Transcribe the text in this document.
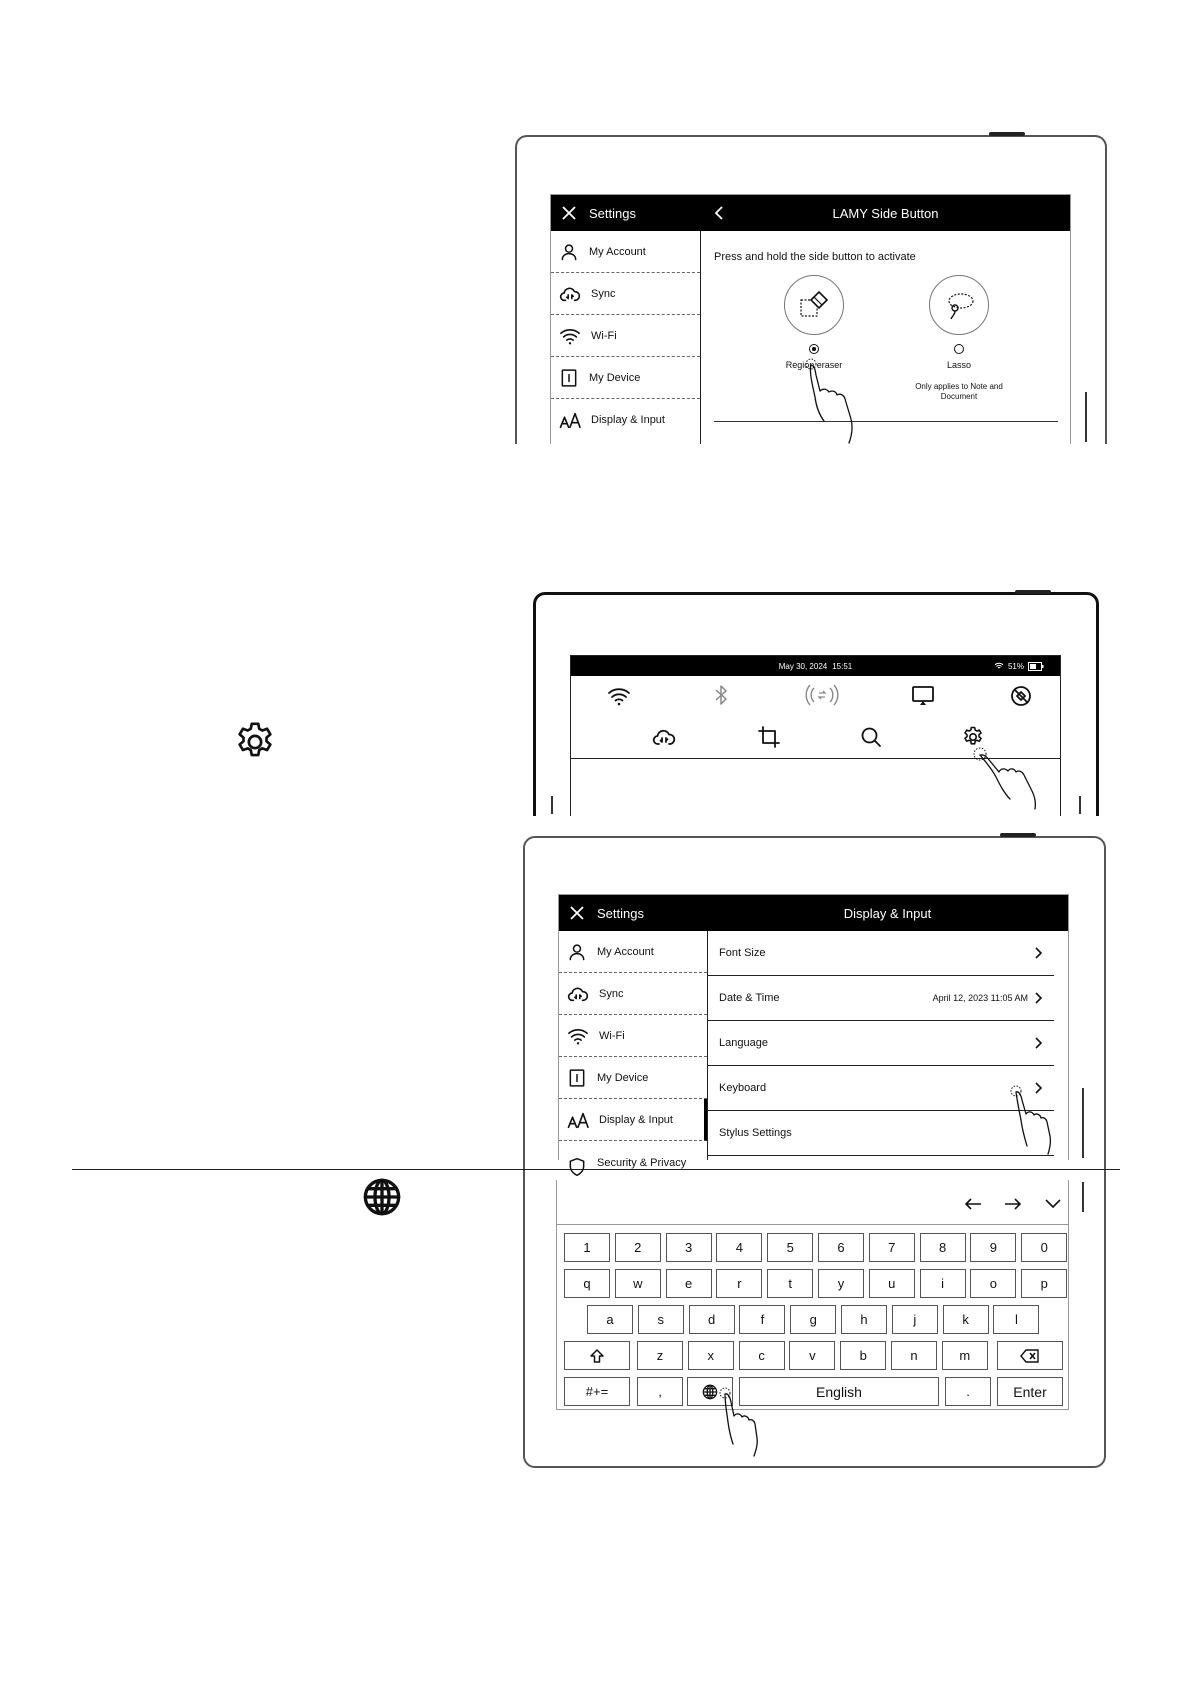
Settings	LAMY Side Button
My Account
Sync
Wi-Fi
My Device
Display & Input
Press and hold the side button to activate
Region eraser	Lasso
Only applies to Note and Document
May 30, 2024 15:51	51%
Settings	Display & Input
My Account
Sync
Wi-Fi
My Device
Display & Input
Security & Privacy
Font Size
Date & Time	April 12, 2023 11:05 AM
Language
Keyboard
Stylus Settings
1	2	3	4	5	6	7	8	9	0
q	w	e	r	t	y	u	i	o	p
a	s	d	f	g	h	j	k	l
z	x	c	v	b	n	m
#+=	,	English	.	Enter
